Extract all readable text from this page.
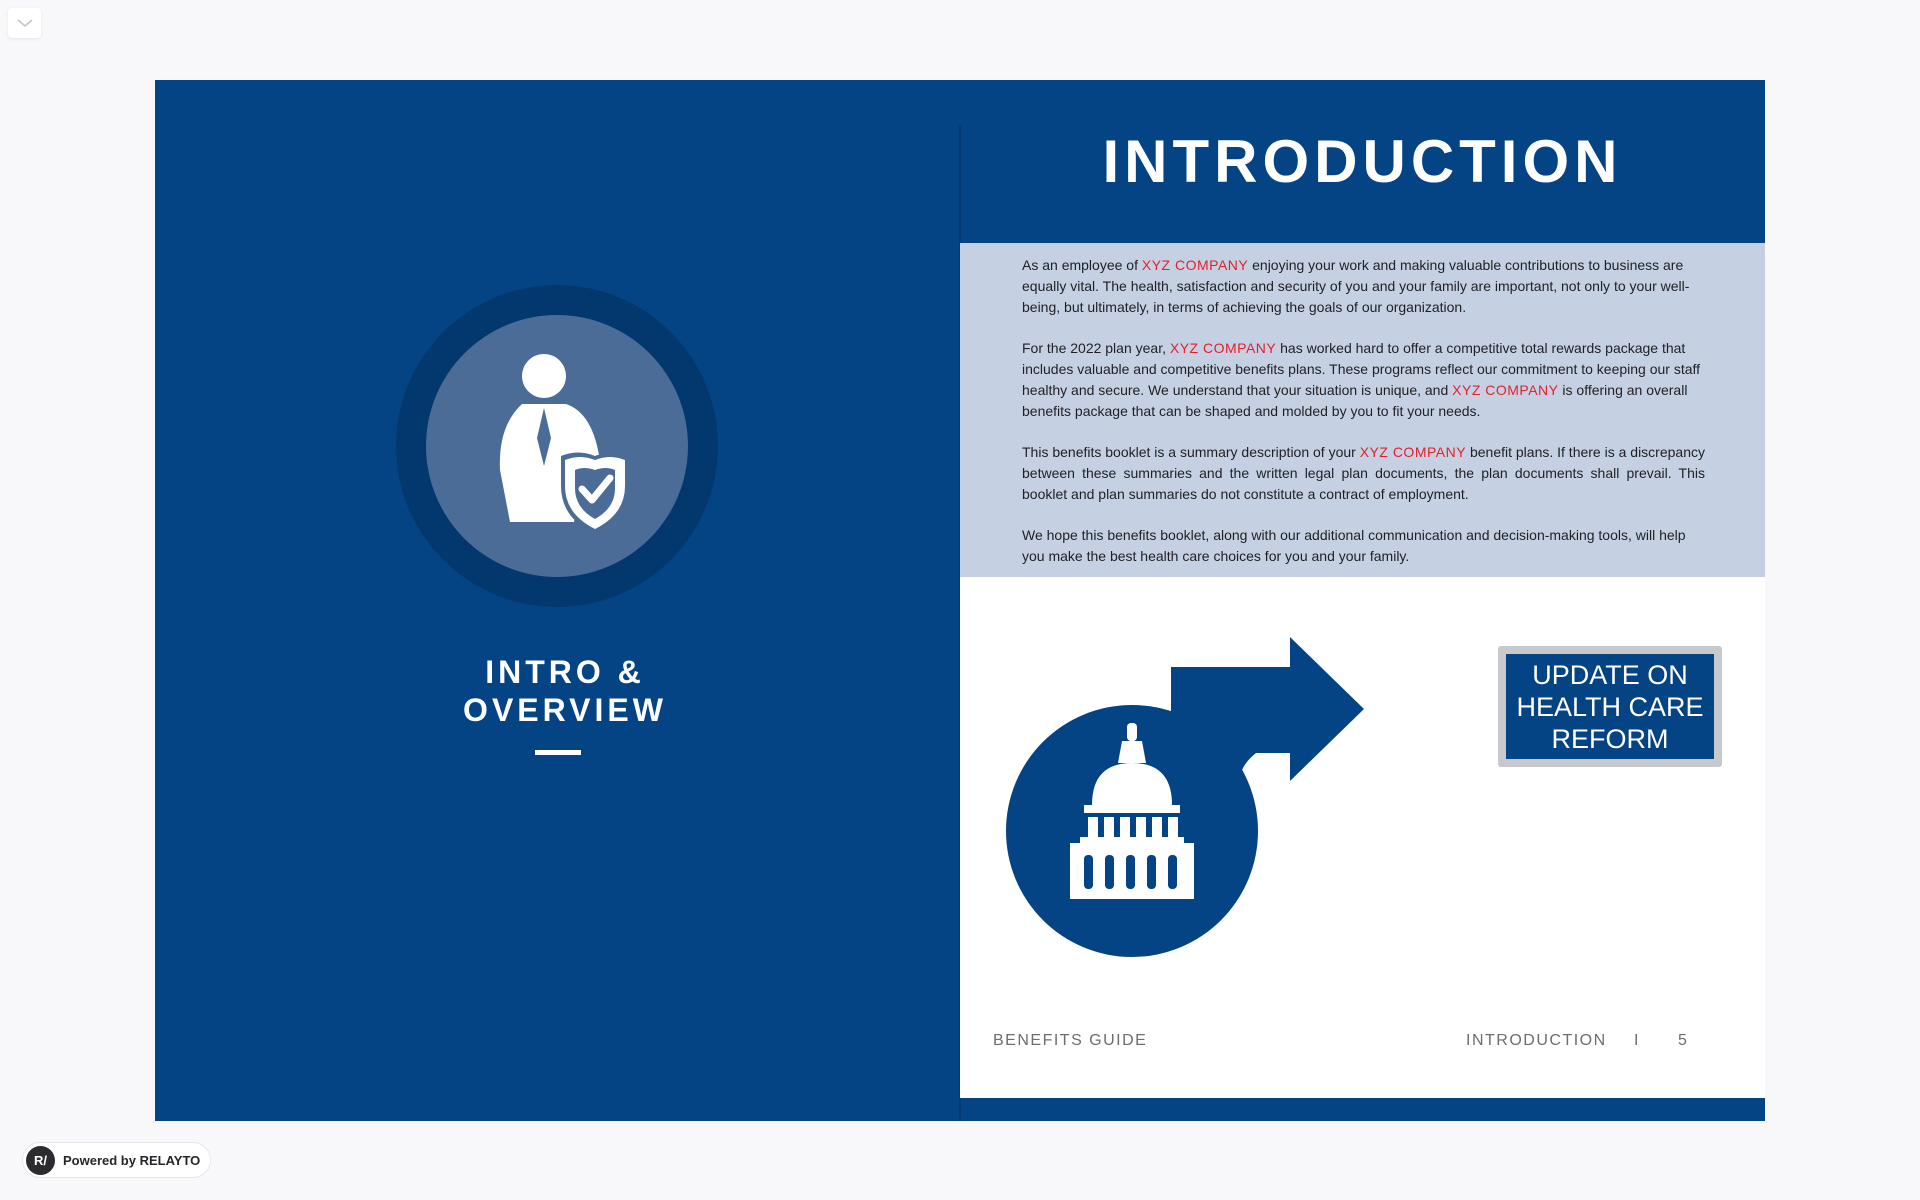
INTRO &
OVERVIEW
INTRODUCTION

As an employee of XYZ COMPANY enjoying your work and making valuable contributions to business are equally vital. The health, satisfaction and security of you and your family are important, not only to your well-being, but ultimately, in terms of achieving the goals of our organization.

For the 2022 plan year, XYZ COMPANY has worked hard to offer a competitive total rewards package that includes valuable and competitive benefits plans. These programs reflect our commitment to keeping our staff healthy and secure. We understand that your situation is unique, and XYZ COMPANY is offering an overall benefits package that can be shaped and molded by you to fit your needs.

This benefits booklet is a summary description of your XYZ COMPANY benefit plans. If there is a discrepancy between these summaries and the written legal plan documents, the plan documents shall prevail. This booklet and plan summaries do not constitute a contract of employment.

We hope this benefits booklet, along with our additional communication and decision-making tools, will help you make the best health care choices for you and your family.

UPDATE ON
HEALTH CARE
REFORM
BENEFITS GUIDE	INTRODUCTION I 5
R/	Powered by RELAYTO
